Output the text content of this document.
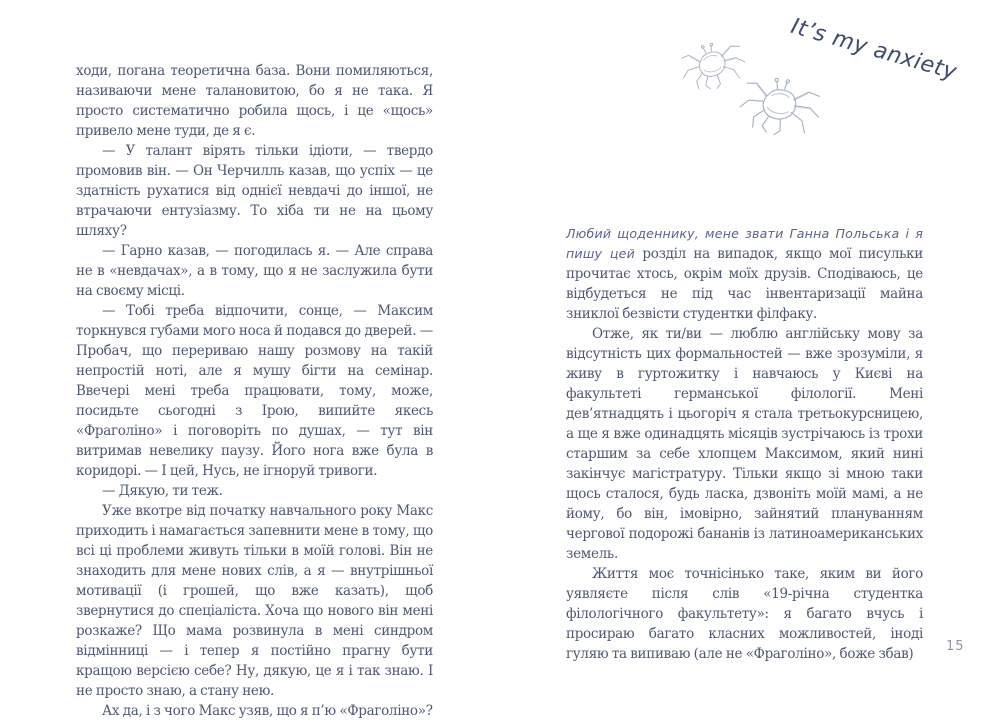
ходи, погана теоретична база. Вони помиляються, називаючи мене талановитою, бо я не така. Я просто систематично робила щось, і це «щось» привело мене туди, де я є.

— У талант вірять тільки ідіоти, — твердо промовив він. — Он Черчилль казав, що успіх — це здатність рухатися від однієї невдачі до іншої, не втрачаючи ентузіазму. То хіба ти не на цьому шляху?

— Гарно казав, — погодилась я. — Але справа не в «невдачах», а в тому, що я не заслужила бути на своєму місці.

— Тобі треба відпочити, сонце, — Максим торкнувся губами мого носа й подався до дверей. — Пробач, що перериваю нашу розмову на такій непростій ноті, але я мушу бігти на семінар. Ввечері мені треба працювати, тому, може, посидьте сьогодні з Ірою, випийте якесь «Фраголіно» і поговоріть по душах, — тут він витримав невелику паузу. Його нога вже була в коридорі. — І цей, Нусь, не ігноруй тривоги.

— Дякую, ти теж.

Уже вкотре від початку навчального року Макс приходить і намагається запевнити мене в тому, що всі ці проблеми живуть тільки в моїй голові. Він не знаходить для мене нових слів, а я — внутрішньої мотивації (і грошей, що вже казать), щоб звернутися до спеціаліста. Хоча що нового він мені розкаже? Що мама розвинула в мені синдром відмінниці — і тепер я постійно прагну бути кращою версією себе? Ну, дякую, це я і так знаю. І не просто знаю, а стану нею.

Ах да, і з чого Макс узяв, що я п’ю «Фраголіно»?

It’s my anxiety

Любий щоденнику, мене звати Ганна Польська і я пишу цей розділ на випадок, якщо мої писульки прочитає хтось, окрім моїх друзів. Сподіваюсь, це відбудеться не під час інвентаризації майна зниклої безвісти студентки філфаку.

Отже, як ти/ви — люблю англійську мову за відсутність цих формальностей — вже зрозуміли, я живу в гуртожитку і навчаюсь у Києві на факультеті германської філології. Мені дев’ятнадцять і цьогоріч я стала третьокурсницею, а ще я вже одинадцять місяців зустрічаюсь із трохи старшим за себе хлопцем Максимом, який нині закінчує магістратуру. Тільки якщо зі мною таки щось сталося, будь ласка, дзвоніть моїй мамі, а не йому, бо він, імовірно, зайнятий плануванням чергової подорожі бананів із латиноамериканських земель.

Життя моє точнісінько таке, яким ви його уявляєте після слів «19-річна студентка філологічного факультету»: я багато вчусь і просираю багато класних можливостей, іноді гуляю та випиваю (але не «Фраголіно», боже збав)	15
